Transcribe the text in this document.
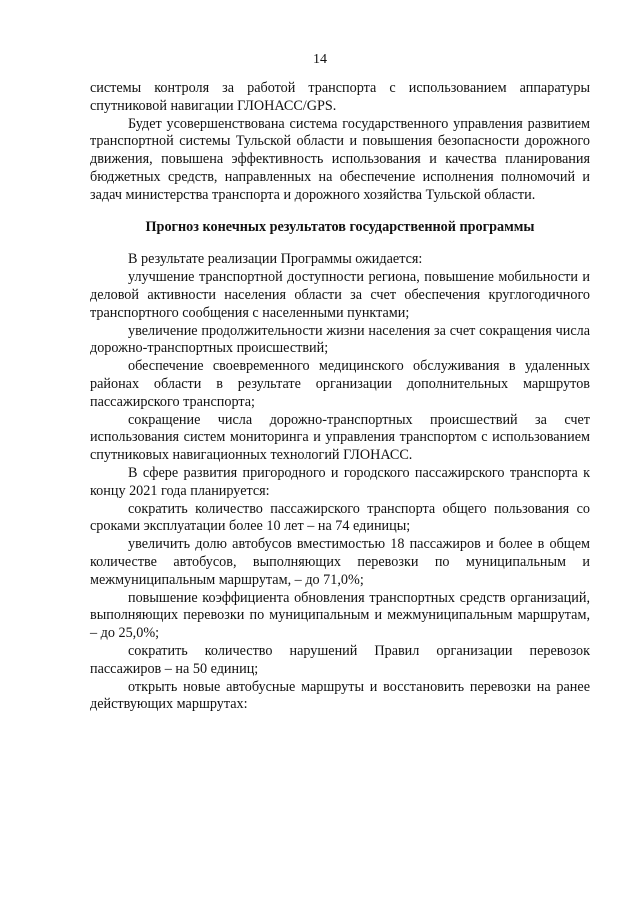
14

системы контроля за работой транспорта с использованием аппаратуры спутниковой навигации ГЛОНАСС/GPS.

Будет усовершенствована система государственного управления развитием транспортной системы Тульской области и повышения безопасности дорожного движения, повышена эффективность использования и качества планирования бюджетных средств, направленных на обеспечение исполнения полномочий и задач министерства транспорта и дорожного хозяйства Тульской области.

Прогноз конечных результатов государственной программы

В результате реализации Программы ожидается:

улучшение транспортной доступности региона, повышение мобильности и деловой активности населения области за счет обеспечения круглогодичного транспортного сообщения с населенными пунктами;

увеличение продолжительности жизни населения за счет сокращения числа дорожно-транспортных происшествий;

обеспечение своевременного медицинского обслуживания в удаленных районах области в результате организации дополнительных маршрутов пассажирского транспорта;

сокращение числа дорожно-транспортных происшествий за счет использования систем мониторинга и управления транспортом с использованием спутниковых навигационных технологий ГЛОНАСС.

В сфере развития пригородного и городского пассажирского транспорта к концу 2021 года планируется:

сократить количество пассажирского транспорта общего пользования со сроками эксплуатации более 10 лет – на 74 единицы;

увеличить долю автобусов вместимостью 18 пассажиров и более в общем количестве автобусов, выполняющих перевозки по муниципальным и межмуниципальным маршрутам, – до 71,0%;

повышение коэффициента обновления транспортных средств организаций, выполняющих перевозки по муниципальным и межмуниципальным маршрутам, – до 25,0%;

сократить количество нарушений Правил организации перевозок пассажиров – на 50 единиц;

открыть новые автобусные маршруты и восстановить перевозки на ранее действующих маршрутах:
